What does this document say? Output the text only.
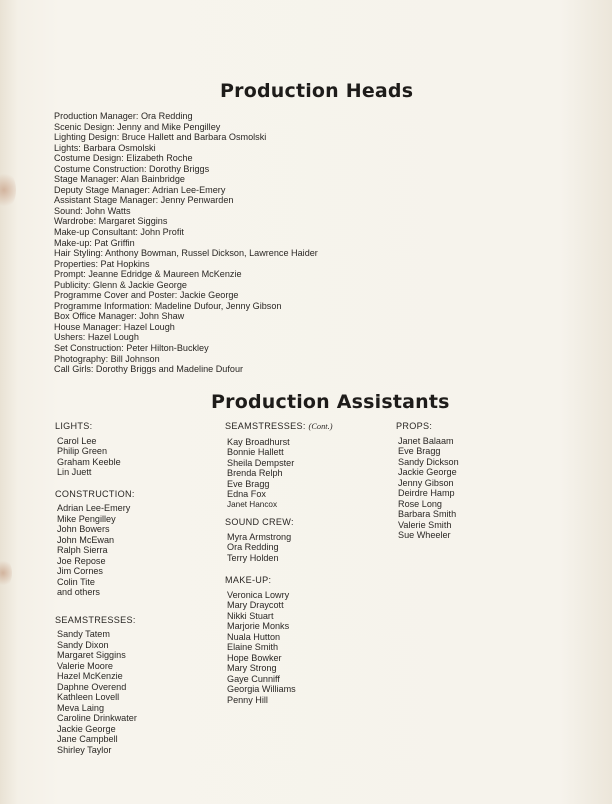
Production Heads
Production Manager: Ora Redding
Scenic Design: Jenny and Mike Pengilley
Lighting Design: Bruce Hallett and Barbara Osmolski
Lights: Barbara Osmolski
Costume Design: Elizabeth Roche
Costume Construction: Dorothy Briggs
Stage Manager: Alan Bainbridge
Deputy Stage Manager: Adrian Lee-Emery
Assistant Stage Manager: Jenny Penwarden
Sound: John Watts
Wardrobe: Margaret Siggins
Make-up Consultant: John Profit
Make-up: Pat Griffin
Hair Styling: Anthony Bowman, Russel Dickson, Lawrence Haider
Properties: Pat Hopkins
Prompt: Jeanne Edridge & Maureen McKenzie
Publicity: Glenn & Jackie George
Programme Cover and Poster: Jackie George
Programme Information: Madeline Dufour, Jenny Gibson
Box Office Manager: John Shaw
House Manager: Hazel Lough
Ushers: Hazel Lough
Set Construction: Peter Hilton-Buckley
Photography: Bill Johnson
Call Girls: Dorothy Briggs and Madeline Dufour
Production Assistants
LIGHTS:
Carol Lee
Philip Green
Graham Keeble
Lin Juett
CONSTRUCTION:
Adrian Lee-Emery
Mike Pengilley
John Bowers
John McEwan
Ralph Sierra
Joe Repose
Jim Cornes
Colin Tite
and others
SEAMSTRESSES:
Sandy Tatem
Sandy Dixon
Margaret Siggins
Valerie Moore
Hazel McKenzie
Daphne Overend
Kathleen Lovell
Meva Laing
Caroline Drinkwater
Jackie George
Jane Campbell
Shirley Taylor
SEAMSTRESSES: (Cont.)
Kay Broadhurst
Bonnie Hallett
Sheila Dempster
Brenda Relph
Eve Bragg
Edna Fox
Janet Hancox
SOUND CREW:
Myra Armstrong
Ora Redding
Terry Holden
MAKE-UP:
Veronica Lowry
Mary Draycott
Nikki Stuart
Marjorie Monks
Nuala Hutton
Elaine Smith
Hope Bowker
Mary Strong
Gaye Cunniff
Georgia Williams
Penny Hill
PROPS:
Janet Balaam
Eve Bragg
Sandy Dickson
Jackie George
Jenny Gibson
Deirdre Hamp
Rose Long
Barbara Smith
Valerie Smith
Sue Wheeler
